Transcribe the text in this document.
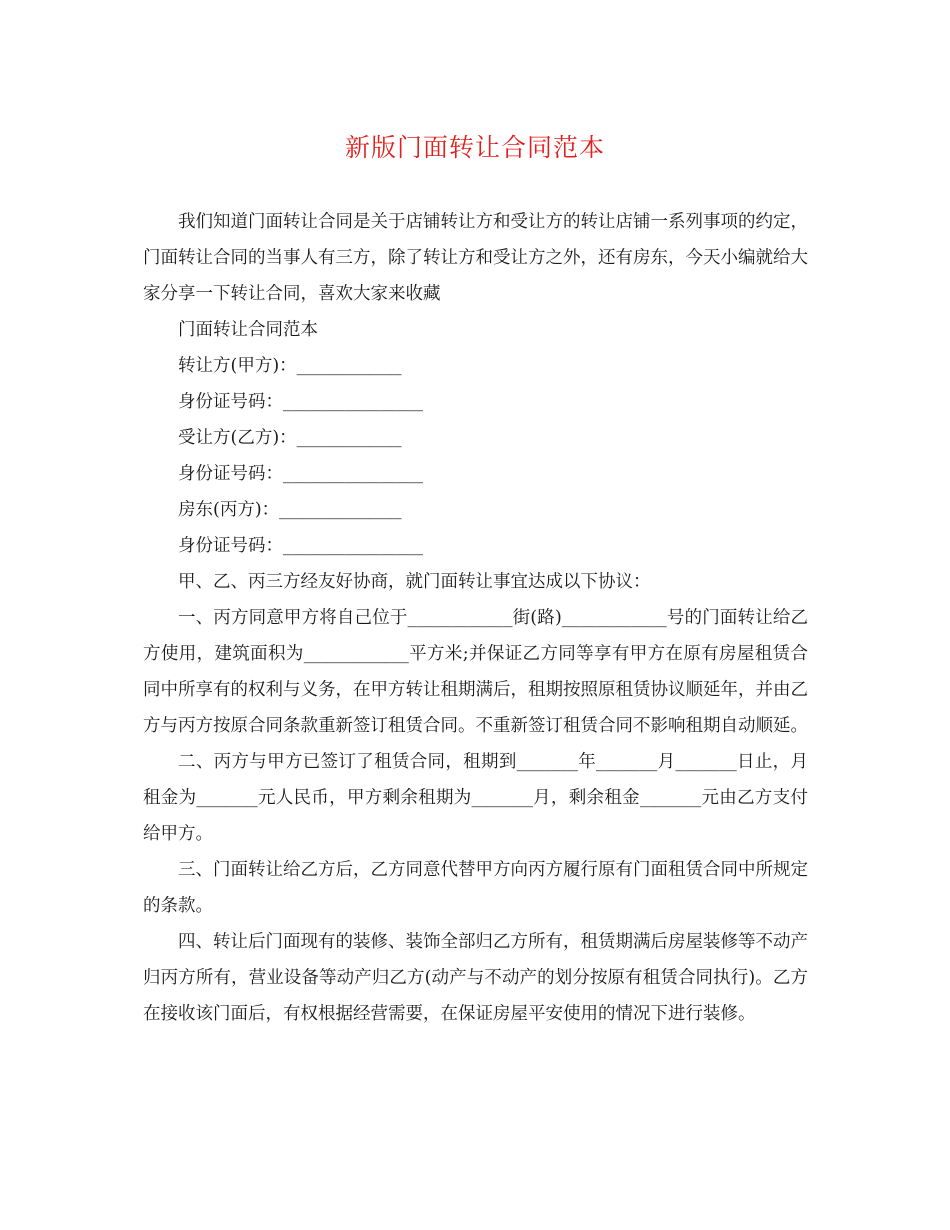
新版门面转让合同范本

我们知道门面转让合同是关于店铺转让方和受让方的转让店铺一系列事项的约定，门面转让合同的当事人有三方，除了转让方和受让方之外，还有房东，今天小编就给大家分享一下转让合同，喜欢大家来收藏

门面转让合同范本

转让方(甲方)：____________

身份证号码：________________

受让方(乙方)：____________

身份证号码：________________

房东(丙方)：______________

身份证号码：________________

甲、乙、丙三方经友好协商，就门面转让事宜达成以下协议：

一、丙方同意甲方将自己位于____________街(路)____________号的门面转让给乙方使用，建筑面积为____________平方米;并保证乙方同等享有甲方在原有房屋租赁合同中所享有的权利与义务，在甲方转让租期满后，租期按照原租赁协议顺延年，并由乙方与丙方按原合同条款重新签订租赁合同。不重新签订租赁合同不影响租期自动顺延。

二、丙方与甲方已签订了租赁合同，租期到_______年_______月_______日止，月租金为_______元人民币，甲方剩余租期为_______月，剩余租金_______元由乙方支付给甲方。

三、门面转让给乙方后，乙方同意代替甲方向丙方履行原有门面租赁合同中所规定的条款。

四、转让后门面现有的装修、装饰全部归乙方所有，租赁期满后房屋装修等不动产归丙方所有，营业设备等动产归乙方(动产与不动产的划分按原有租赁合同执行)。乙方在接收该门面后，有权根据经营需要，在保证房屋平安使用的情况下进行装修。
